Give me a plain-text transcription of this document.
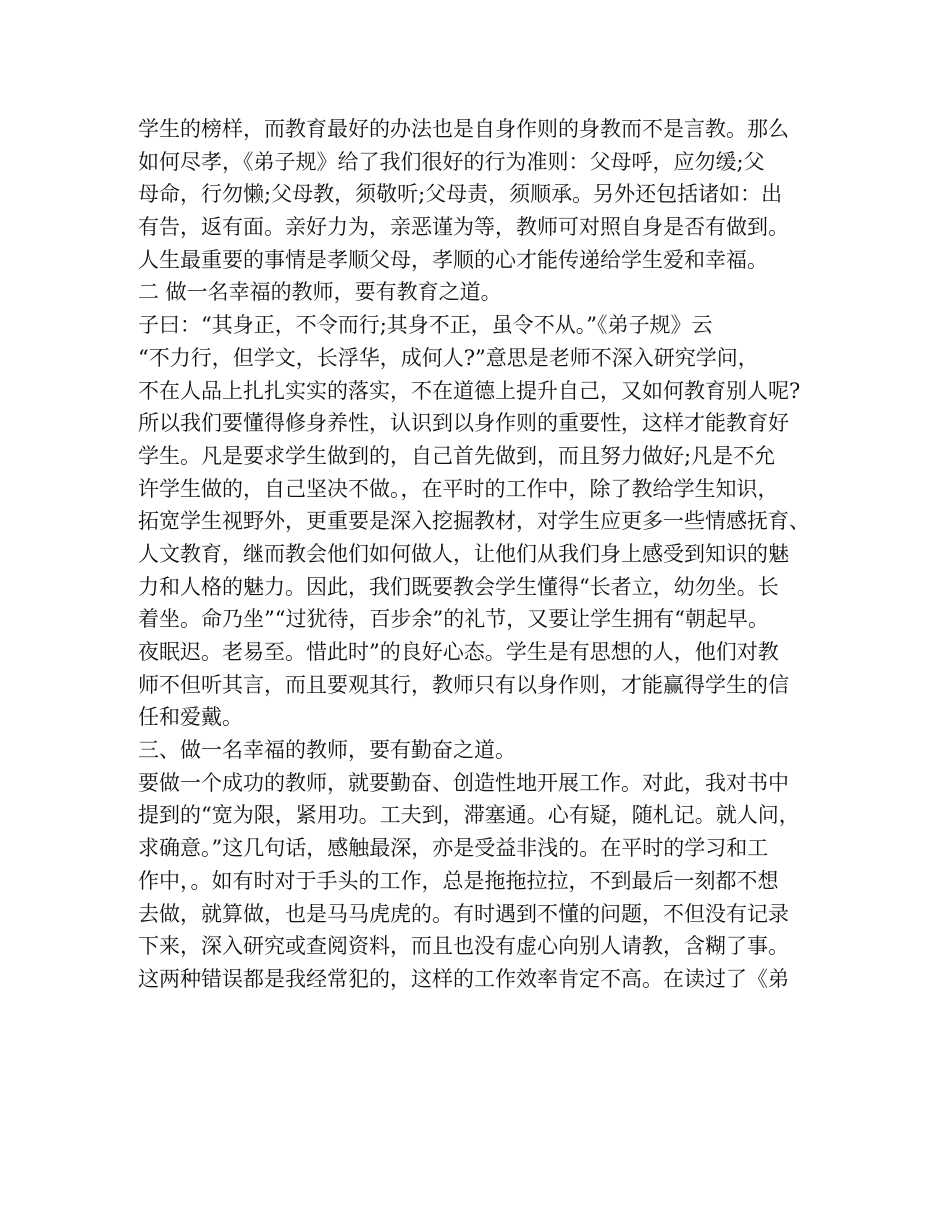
学生的榜样，而教育最好的办法也是自身作则的身教而不是言教。那么
如何尽孝，《弟子规》给了我们很好的行为准则：父母呼，应勿缓;父
母命，行勿懒;父母教，须敬听;父母责，须顺承。另外还包括诸如：出
有告，返有面。亲好力为，亲恶谨为等，教师可对照自身是否有做到。
人生最重要的事情是孝顺父母，孝顺的心才能传递给学生爱和幸福。
二 做一名幸福的教师，要有教育之道。
子曰：“其身正，不令而行;其身不正，虽令不从。”《弟子规》云
“不力行，但学文，长浮华，成何人?”意思是老师不深入研究学问，
不在人品上扎扎实实的落实，不在道德上提升自己，又如何教育别人呢?
所以我们要懂得修身养性，认识到以身作则的重要性，这样才能教育好
学生。凡是要求学生做到的，自己首先做到，而且努力做好;凡是不允
许学生做的，自己坚决不做。，在平时的工作中，除了教给学生知识，
拓宽学生视野外，更重要是深入挖掘教材，对学生应更多一些情感抚育、
人文教育，继而教会他们如何做人，让他们从我们身上感受到知识的魅
力和人格的魅力。因此，我们既要教会学生懂得“长者立，幼勿坐。长
着坐。命乃坐”“过犹待，百步余”的礼节，又要让学生拥有“朝起早。
夜眠迟。老易至。惜此时”的良好心态。学生是有思想的人，他们对教
师不但听其言，而且要观其行，教师只有以身作则，才能赢得学生的信
任和爱戴。
三、做一名幸福的教师，要有勤奋之道。
要做一个成功的教师，就要勤奋、创造性地开展工作。对此，我对书中
提到的“宽为限，紧用功。工夫到，滞塞通。心有疑，随札记。就人问，
求确意。”这几句话，感触最深，亦是受益非浅的。在平时的学习和工
作中，。如有时对于手头的工作，总是拖拖拉拉，不到最后一刻都不想
去做，就算做，也是马马虎虎的。有时遇到不懂的问题，不但没有记录
下来，深入研究或查阅资料，而且也没有虚心向别人请教，含糊了事。
这两种错误都是我经常犯的，这样的工作效率肯定不高。在读过了《弟
